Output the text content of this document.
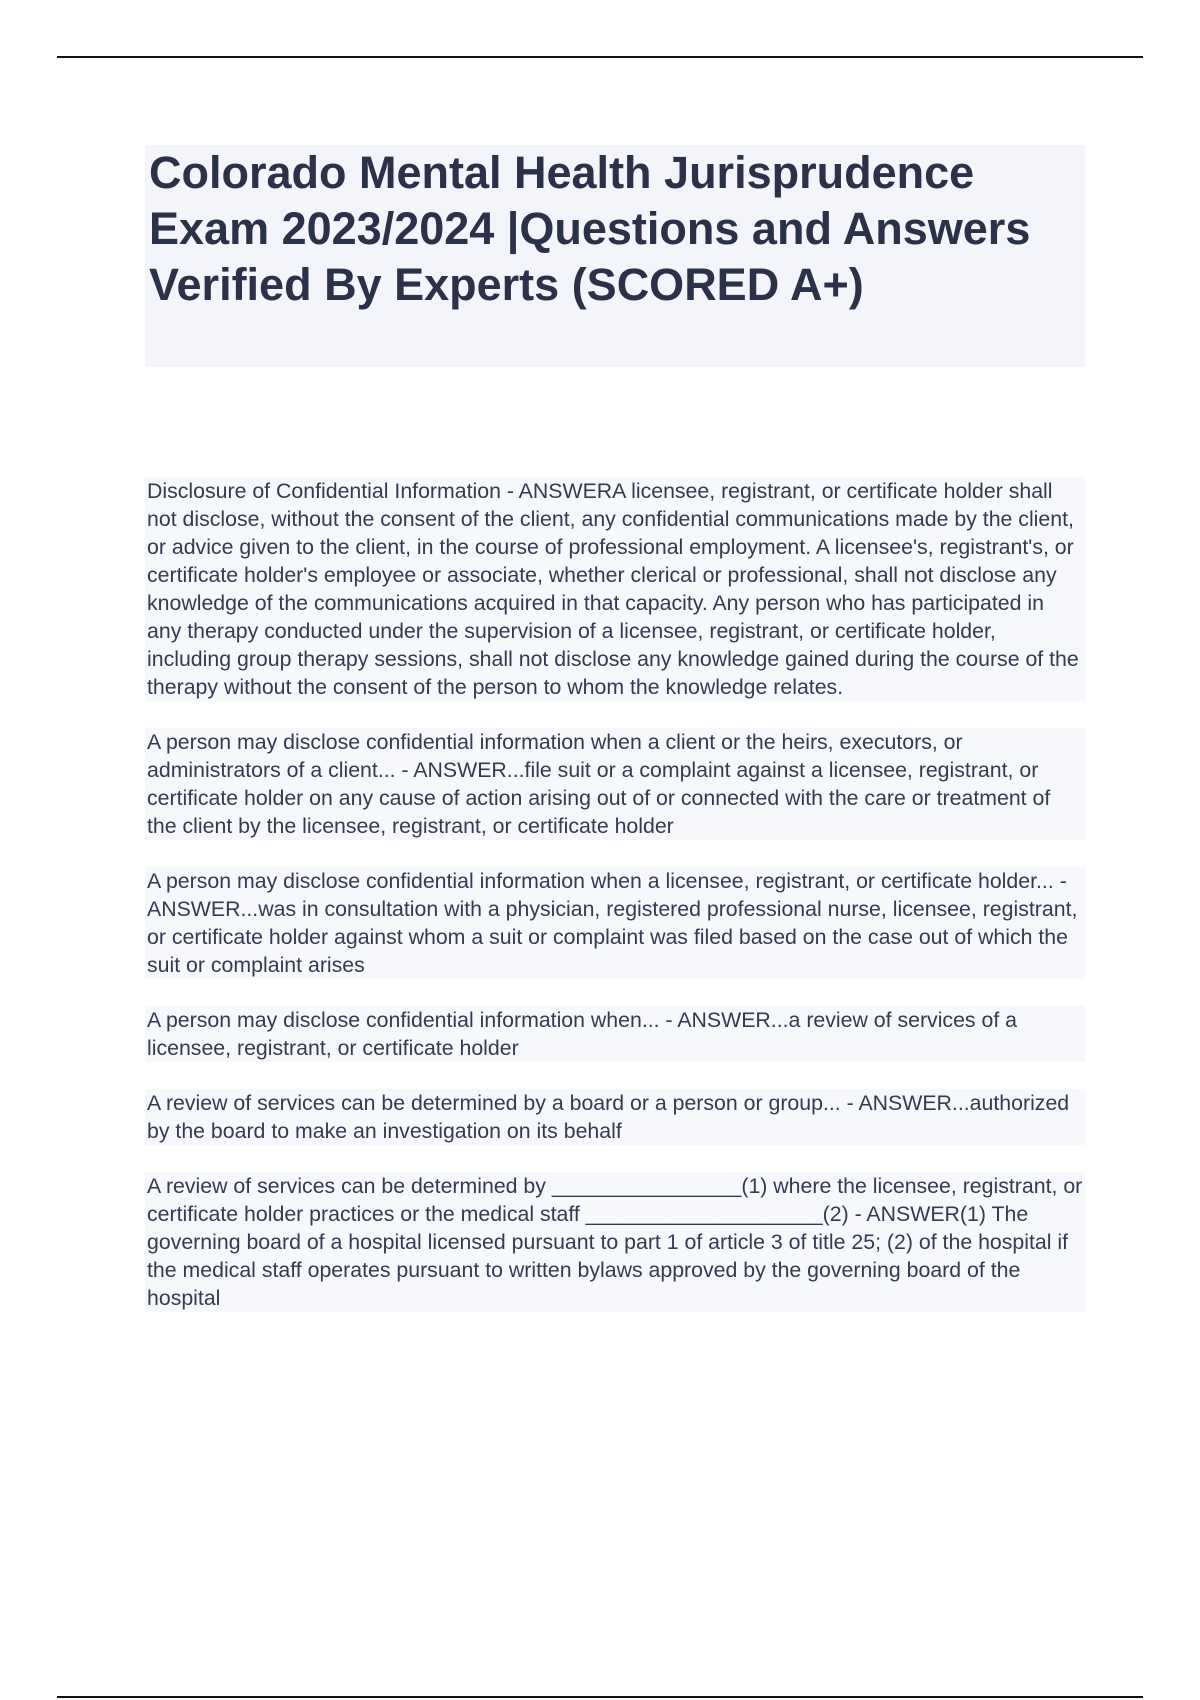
Colorado Mental Health Jurisprudence Exam 2023/2024 |Questions and Answers Verified By Experts (SCORED A+)

Disclosure of Confidential Information - ANSWERA licensee, registrant, or certificate holder shall not disclose, without the consent of the client, any confidential communications made by the client, or advice given to the client, in the course of professional employment. A licensee's, registrant's, or certificate holder's employee or associate, whether clerical or professional, shall not disclose any knowledge of the communications acquired in that capacity. Any person who has participated in any therapy conducted under the supervision of a licensee, registrant, or certificate holder, including group therapy sessions, shall not disclose any knowledge gained during the course of the therapy without the consent of the person to whom the knowledge relates.

A person may disclose confidential information when a client or the heirs, executors, or administrators of a client... - ANSWER...file suit or a complaint against a licensee, registrant, or certificate holder on any cause of action arising out of or connected with the care or treatment of the client by the licensee, registrant, or certificate holder

A person may disclose confidential information when a licensee, registrant, or certificate holder... - ANSWER...was in consultation with a physician, registered professional nurse, licensee, registrant, or certificate holder against whom a suit or complaint was filed based on the case out of which the suit or complaint arises

A person may disclose confidential information when... - ANSWER...a review of services of a licensee, registrant, or certificate holder

A review of services can be determined by a board or a person or group... - ANSWER...authorized by the board to make an investigation on its behalf

A review of services can be determined by ________________(1) where the licensee, registrant, or certificate holder practices or the medical staff ____________________(2) - ANSWER(1) The governing board of a hospital licensed pursuant to part 1 of article 3 of title 25; (2) of the hospital if the medical staff operates pursuant to written bylaws approved by the governing board of the hospital
